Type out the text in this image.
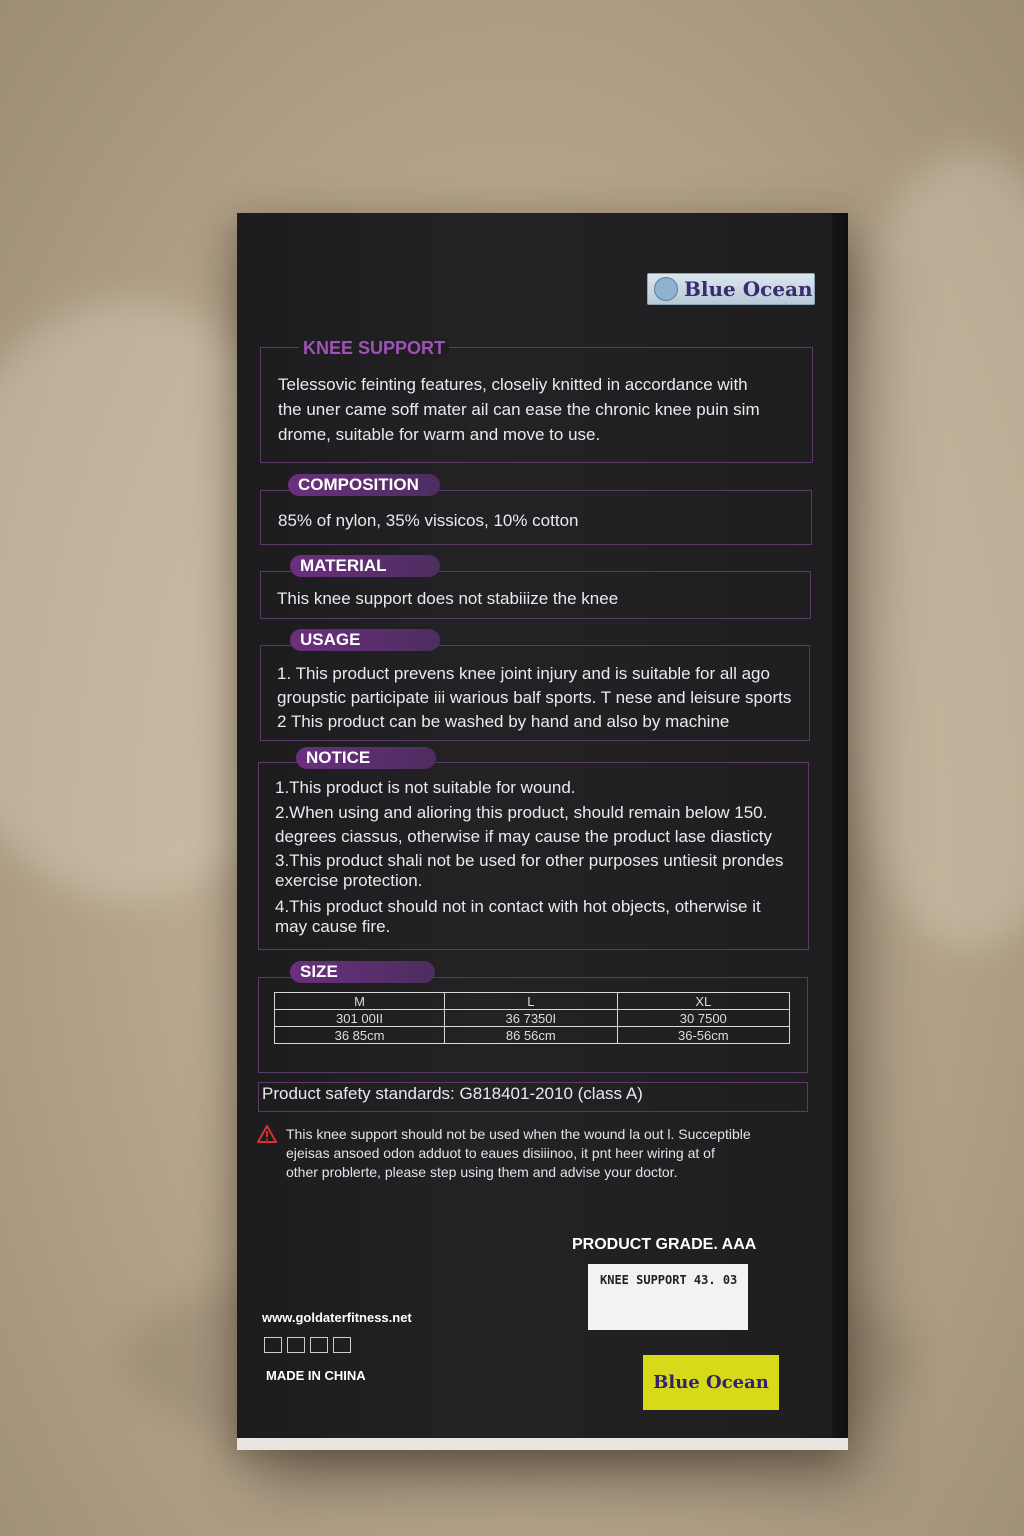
Blue Ocean
KNEE SUPPORT
Telessovic feinting features, closeliy knitted in accordance with
the uner came soff mater ail can ease the chronic knee puin sim
drome, suitable for warm and move to use.
COMPOSITION
85% of nylon, 35% vissicos, 10% cotton
MATERIAL
This knee support does not stabiiize the knee
USAGE
1. This product prevens knee joint injury and is suitable for all ago
groupstic participate iii warious balf sports. T nese and leisure sports
2 This product can be washed by hand and also by machine
NOTICE
1.This product is not suitable for wound.
2.When using and alioring this product, should remain below 150.
degrees ciassus, otherwise if may cause the product lase diasticty
3.This product shali not be used for other purposes untiesit prondes
exercise protection.
4.This product should not in contact with hot objects, otherwise it
may cause fire.
SIZE
M	L	XL
301 00II	36 7350I	30 7500
36 85cm	86 56cm	36-56cm
Product safety standards: G818401-2010 (class A)
This knee support should not be used when the wound la out l. Succeptible
ejeisas ansoed odon adduot to eaues disiiinoo, it pnt heer wiring at of
other problerte, please step using them and advise your doctor.
PRODUCT GRADE. AAA
KNEE SUPPORT 43. 03
www.goldaterfitness.net
MADE IN CHINA	Blue Ocean
